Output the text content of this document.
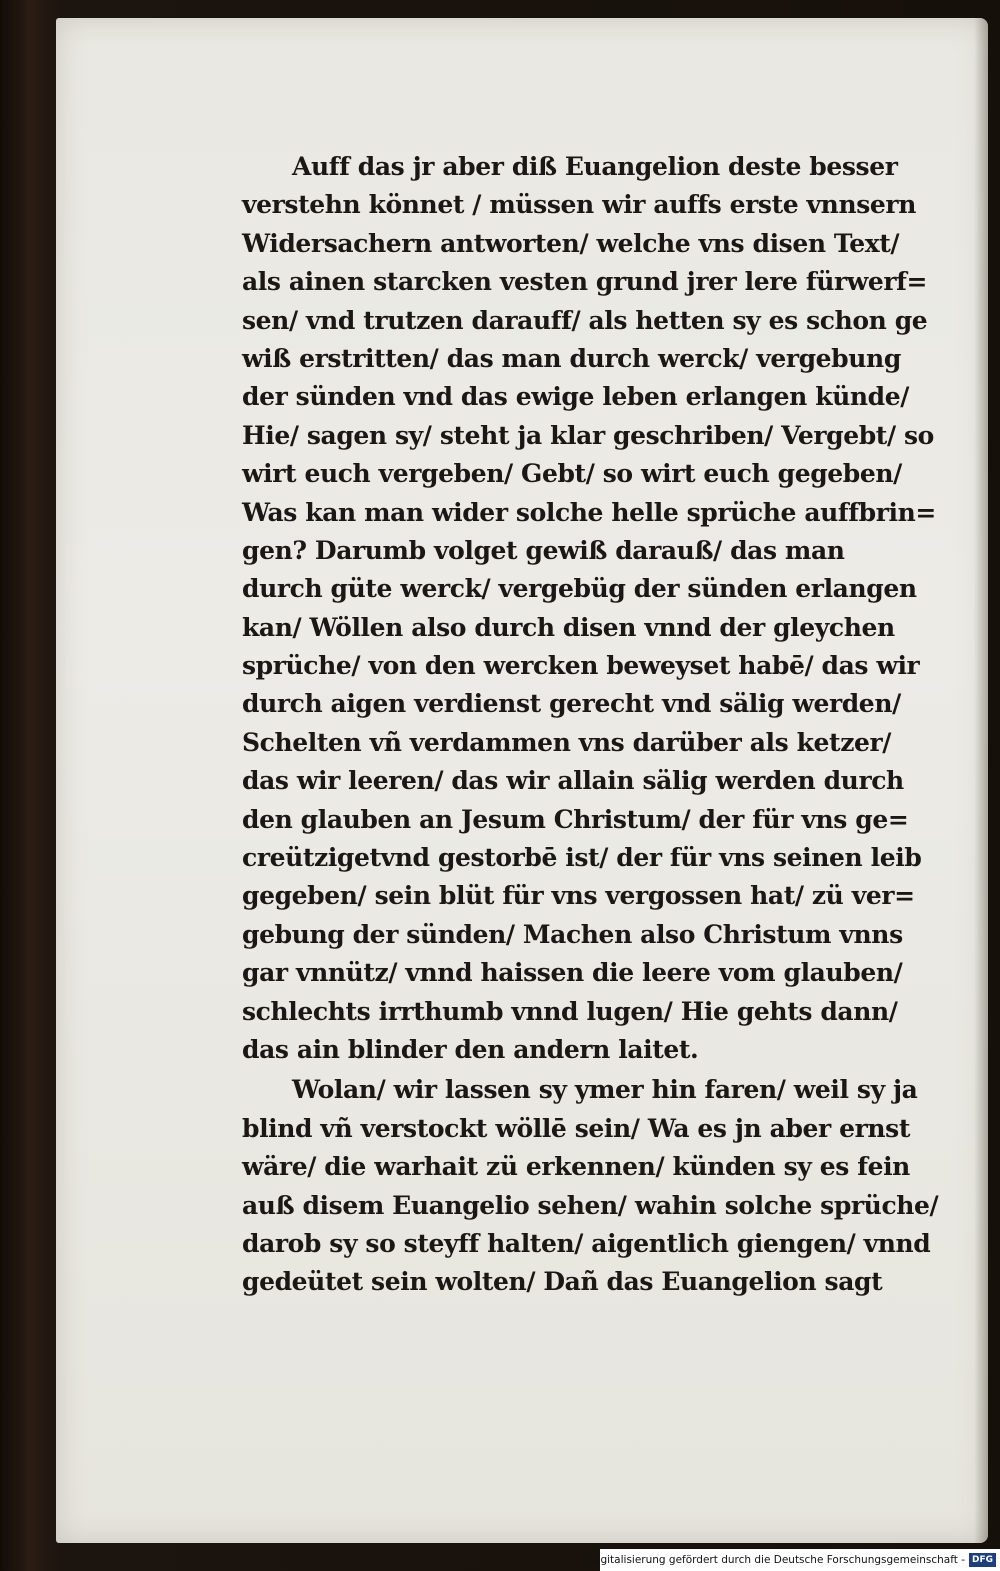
Auff das jr aber diß Euangelion deste besser
verstehn könnet / müssen wir auffs erste vnnsern
Widersachern antworten/ welche vns disen Text/
als ainen starcken vesten grund jrer lere fürwerf=
sen/ vnd trutzen darauff/ als hetten sy es schon ge
wiß erstritten/ das man durch werck/ vergebung
der sünden vnd das ewige leben erlangen künde/
Hie/ sagen sy/ steht ja klar geschriben/ Vergebt/ so
wirt euch vergeben/ Gebt/ so wirt euch gegeben/
Was kan man wider solche helle sprüche auffbrin=
gen? Darumb volget gewiß darauß/ das man
durch güte werck/ vergebüg der sünden erlangen
kan/ Wöllen also durch disen vnnd der gleychen
sprüche/ von den wercken beweyset habē/ das wir
durch aigen verdienst gerecht vnd sälig werden/
Schelten vñ verdammen vns darüber als ketzer/
das wir leeren/ das wir allain sälig werden durch
den glauben an Jesum Christum/ der für vns ge=
creützigetvnd gestorbē ist/ der für vns seinen leib
gegeben/ sein blüt für vns vergossen hat/ zü ver=
gebung der sünden/ Machen also Christum vnns
gar vnnütz/ vnnd haissen die leere vom glauben/
schlechts irrthumb vnnd lugen/ Hie gehts dann/
das ain blinder den andern laitet.
Wolan/ wir lassen sy ymer hin faren/ weil sy ja
blind vñ verstockt wöllē sein/ Wa es jn aber ernst
wäre/ die warhait zü erkennen/ künden sy es fein
auß disem Euangelio sehen/ wahin solche sprüche/
darob sy so steyff halten/ aigentlich giengen/ vnnd
gedeütet sein wolten/ Dañ das Euangelion sagt
Digitalisierung gefördert durch die Deutsche Forschungsgemeinschaft - DFG
